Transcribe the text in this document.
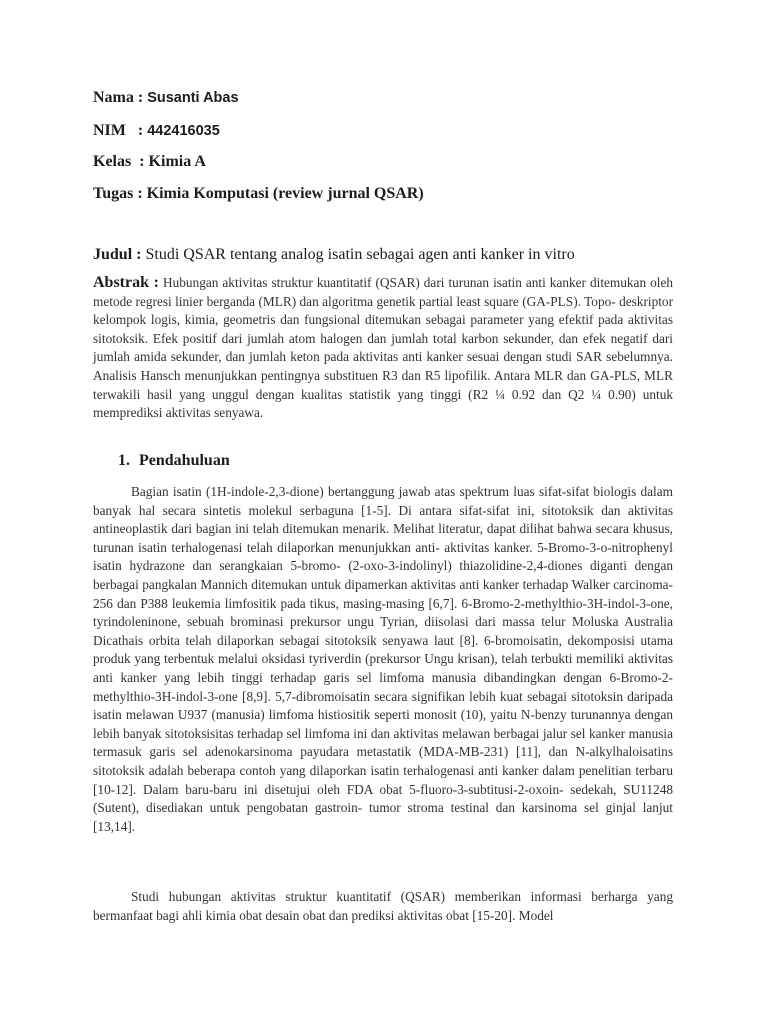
Nama : Susanti Abas

NIM   : 442416035

Kelas  : Kimia A

Tugas : Kimia Komputasi (review jurnal QSAR)

Judul : Studi QSAR tentang analog isatin sebagai agen anti kanker in vitro

Abstrak : Hubungan aktivitas struktur kuantitatif (QSAR) dari turunan isatin anti kanker ditemukan oleh metode regresi linier berganda (MLR) dan algoritma genetik partial least square (GA-PLS). Topo- deskriptor kelompok logis, kimia, geometris dan fungsional ditemukan sebagai parameter yang efektif pada aktivitas sitotoksik. Efek positif dari jumlah atom halogen dan jumlah total karbon sekunder, dan efek negatif dari jumlah amida sekunder, dan jumlah keton pada aktivitas anti kanker sesuai dengan studi SAR sebelumnya. Analisis Hansch menunjukkan pentingnya substituen R3 dan R5 lipofilik. Antara MLR dan GA-PLS, MLR terwakili hasil yang unggul dengan kualitas statistik yang tinggi (R2 ¼ 0.92 dan Q2 ¼ 0.90) untuk memprediksi aktivitas senyawa.

1. Pendahuluan

Bagian isatin (1H-indole-2,3-dione) bertanggung jawab atas spektrum luas sifat-sifat biologis dalam banyak hal secara sintetis molekul serbaguna [1-5]. Di antara sifat-sifat ini, sitotoksik dan aktivitas antineoplastik dari bagian ini telah ditemukan menarik. Melihat literatur, dapat dilihat bahwa secara khusus, turunan isatin terhalogenasi telah dilaporkan menunjukkan anti- aktivitas kanker. 5-Bromo-3-o-nitrophenyl isatin hydrazone dan serangkaian 5-bromo- (2-oxo-3-indolinyl) thiazolidine-2,4-diones diganti dengan berbagai pangkalan Mannich ditemukan untuk dipamerkan aktivitas anti kanker terhadap Walker carcinoma-256 dan P388 leukemia limfositik pada tikus, masing-masing [6,7]. 6-Bromo-2-methylthio-3H-indol-3-one, tyrindoleninone, sebuah brominasi prekursor ungu Tyrian, diisolasi dari massa telur Moluska Australia Dicathais orbita telah dilaporkan sebagai sitotoksik senyawa laut [8]. 6-bromoisatin, dekomposisi utama produk yang terbentuk melalui oksidasi tyriverdin (prekursor Ungu krisan), telah terbukti memiliki aktivitas anti kanker yang lebih tinggi terhadap garis sel limfoma manusia dibandingkan dengan 6-Bromo-2- methylthio-3H-indol-3-one [8,9]. 5,7-dibromoisatin secara signifikan lebih kuat sebagai sitotoksin daripada isatin melawan U937 (manusia) limfoma histiositik seperti monosit (10), yaitu N-benzy turunannya dengan lebih banyak sitotoksisitas terhadap sel limfoma ini dan aktivitas melawan berbagai jalur sel kanker manusia termasuk garis sel adenokarsinoma payudara metastatik (MDA-MB-231) [11], dan N-alkylhaloisatins sitotoksik adalah beberapa contoh yang dilaporkan isatin terhalogenasi anti kanker dalam penelitian terbaru [10-12]. Dalam baru-baru ini disetujui oleh FDA obat 5-fluoro-3-subtitusi-2-oxoin- sedekah, SU11248 (Sutent), disediakan untuk pengobatan gastroin- tumor stroma testinal dan karsinoma sel ginjal lanjut [13,14].

Studi hubungan aktivitas struktur kuantitatif (QSAR) memberikan informasi berharga yang bermanfaat bagi ahli kimia obat desain obat dan prediksi aktivitas obat [15-20]. Model
